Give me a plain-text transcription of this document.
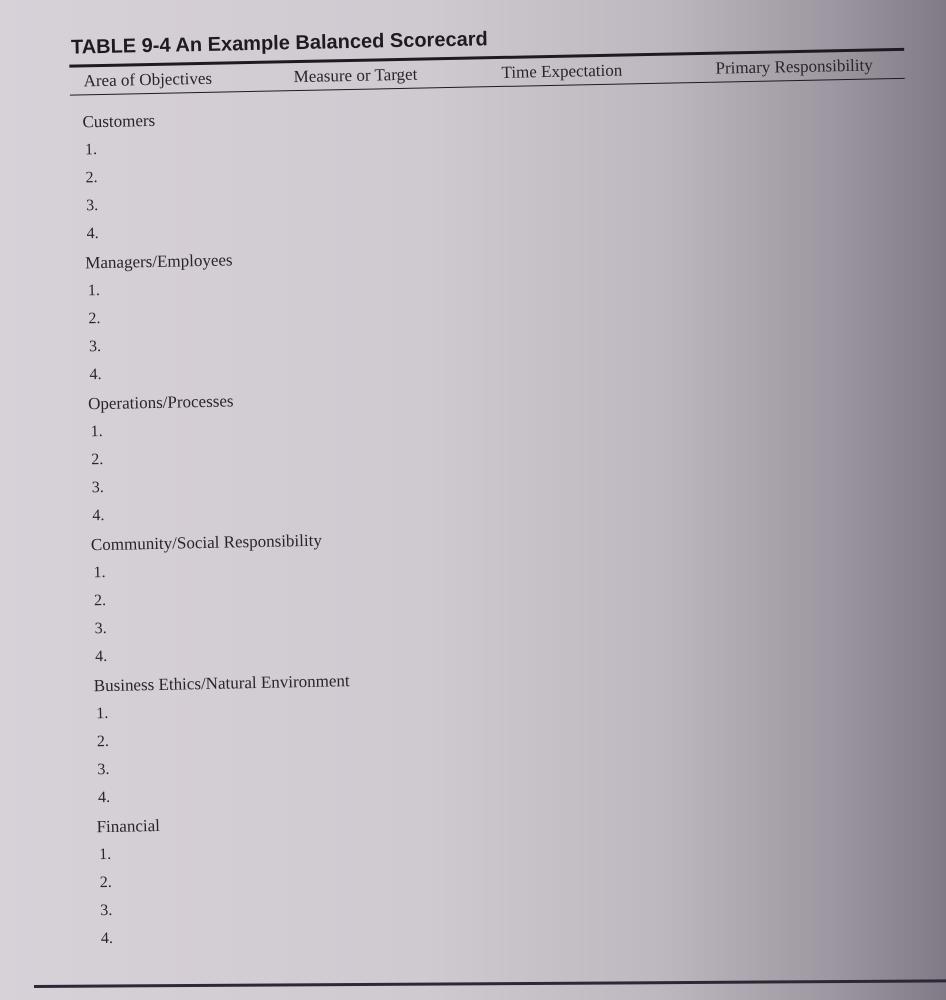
TABLE 9-4 An Example Balanced Scorecard
Area of Objectives	Measure or Target	Time Expectation	Primary Responsibility
Customers
1.
2.
3.
4.
Managers/Employees
1.
2.
3.
4.
Operations/Processes
1.
2.
3.
4.
Community/Social Responsibility
1.
2.
3.
4.
Business Ethics/Natural Environment
1.
2.
3.
4.
Financial
1.
2.
3.
4.
